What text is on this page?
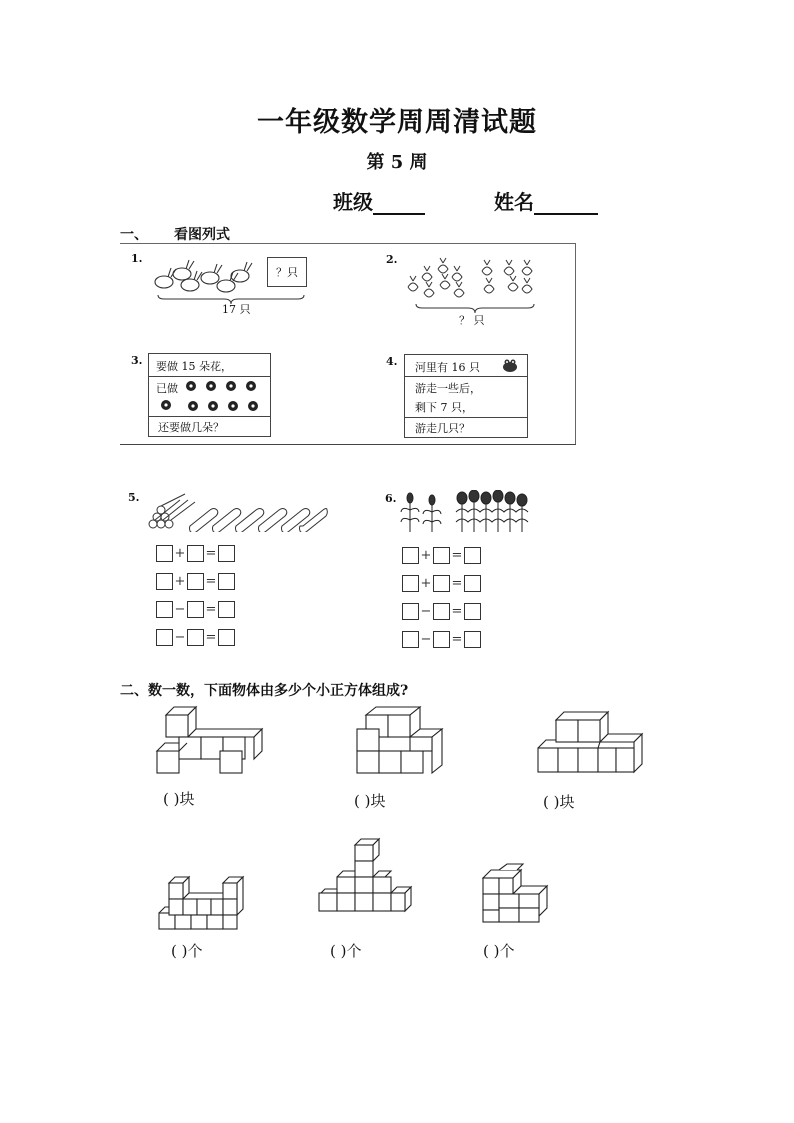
一年级数学周周清试题
第 5 周
班级	姓名
一、 看图列式
1.
？只
17 只
2.
？ 只
3. 要做 15 朵花，
已做
还要做几朵？
4. 河里有 16 只
游走一些后，
剩下 7 只，
游走几只？
5.
+ =
+ =
− =
− =
6.
+ =
+ =
− =
− =
二、数一数，下面物体由多少个小正方体组成?
( )块	( )块	( )块
( )个	( )个	( )个
